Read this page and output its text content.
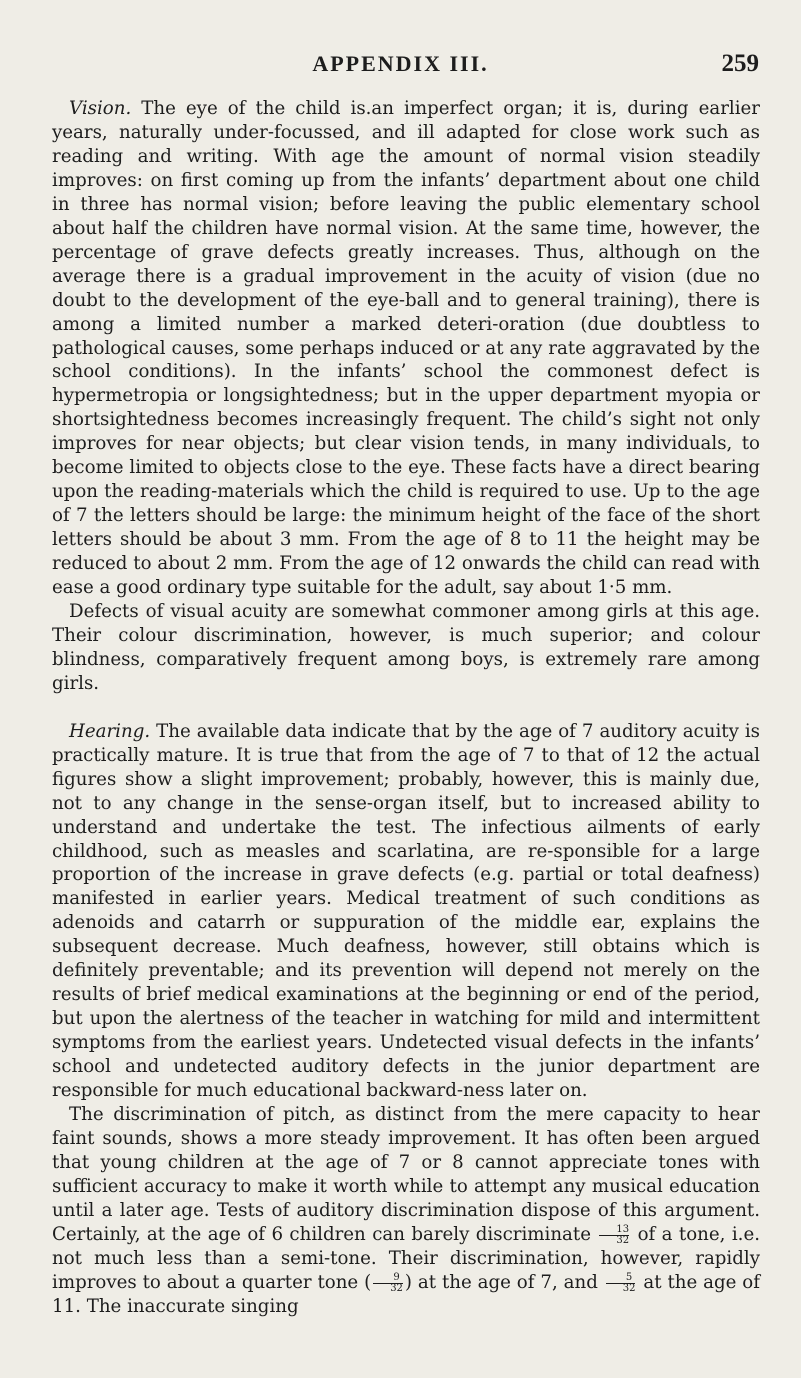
APPENDIX III.	259

Vision. The eye of the child is.an imperfect organ; it is, during earlier years, naturally under-focussed, and ill adapted for close work such as reading and writing. With age the amount of normal vision steadily improves: on first coming up from the infants’ department about one child in three has normal vision; before leaving the public elementary school about half the children have normal vision. At the same time, however, the percentage of grave defects greatly increases. Thus, although on the average there is a gradual improvement in the acuity of vision (due no doubt to the development of the eye-ball and to general training), there is among a limited number a marked deteri-oration (due doubtless to pathological causes, some perhaps induced or at any rate aggravated by the school conditions). In the infants’ school the commonest defect is hypermetropia or longsightedness; but in the upper department myopia or shortsightedness becomes increasingly frequent. The child’s sight not only improves for near objects; but clear vision tends, in many individuals, to become limited to objects close to the eye. These facts have a direct bearing upon the reading-materials which the child is required to use. Up to the age of 7 the letters should be large: the minimum height of the face of the short letters should be about 3 mm. From the age of 8 to 11 the height may be reduced to about 2 mm. From the age of 12 onwards the child can read with ease a good ordinary type suitable for the adult, say about 1·5 mm.

Defects of visual acuity are somewhat commoner among girls at this age. Their colour discrimination, however, is much superior; and colour blindness, comparatively frequent among boys, is extremely rare among girls.

Hearing. The available data indicate that by the age of 7 auditory acuity is practically mature. It is true that from the age of 7 to that of 12 the actual figures show a slight improvement; probably, however, this is mainly due, not to any change in the sense-organ itself, but to increased ability to understand and undertake the test. The infectious ailments of early childhood, such as measles and scarlatina, are re-sponsible for a large proportion of the increase in grave defects (e.g. partial or total deafness) manifested in earlier years. Medical treatment of such conditions as adenoids and catarrh or suppuration of the middle ear, explains the subsequent decrease. Much deafness, however, still obtains which is definitely preventable; and its prevention will depend not merely on the results of brief medical examinations at the beginning or end of the period, but upon the alertness of the teacher in watching for mild and intermittent symptoms from the earliest years. Undetected visual defects in the infants’ school and undetected auditory defects in the junior department are responsible for much educational backward-ness later on.

The discrimination of pitch, as distinct from the mere capacity to hear faint sounds, shows a more steady improvement. It has often been argued that young children at the age of 7 or 8 cannot appreciate tones with sufficient accuracy to make it worth while to attempt any musical education until a later age. Tests of auditory discrimination dispose of this argument. Certainly, at the age of 6 children can barely discriminate $\frac{13}{32}$ of a tone, i.e. not much less than a semi-tone. Their discrimination, however, rapidly improves to about a quarter tone ( $\frac{9}{32}$ ) at the age of 7, and $\frac{5}{32}$ at the age of 11. The inaccurate singing
